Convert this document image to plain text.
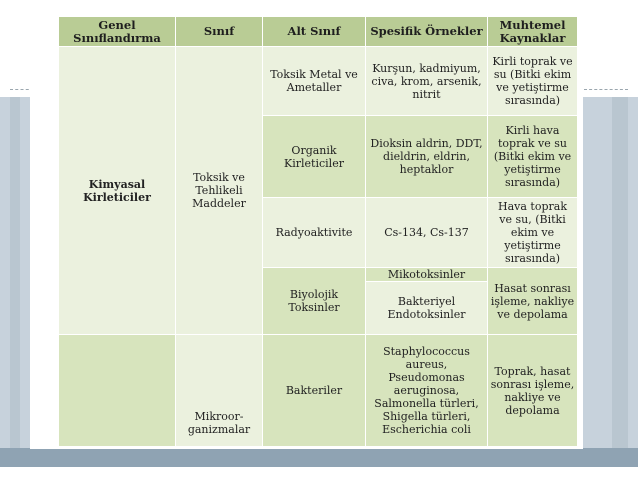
Genel Sınıflandırma	Sınıf	Alt Sınıf	Spesifik Örnekler	Muhtemel Kaynaklar
Kimyasal Kirleticiler	Toksik ve Tehlikeli Maddeler	Toksik Metal ve Ametaller	Kurşun, kadmiyum, civa, krom, arsenik, nitrit	Kirli toprak ve su (Bitki ekim ve yetiştirme sırasında)
		Organik Kirleticiler	Dioksin aldrin, DDT, dieldrin, eldrin, heptaklor	Kirli hava toprak ve su (Bitki ekim ve yetiştirme sırasında)
		Radyoaktivite	Cs-134, Cs-137	Hava toprak ve su, (Bitki ekim ve yetiştirme sırasında)
		Biyolojik Toksinler	Mikotoksinler	Hasat sonrası işleme, nakliye ve depolama
			Bakteriyel Endotoksinler	
	Mikroor-ganizmalar	Bakteriler	Staphylococcus aureus, Pseudomonas aeruginosa, Salmonella türleri, Shigella türleri, Escherichia coli	Toprak, hasat sonrası işleme, nakliye ve depolama
